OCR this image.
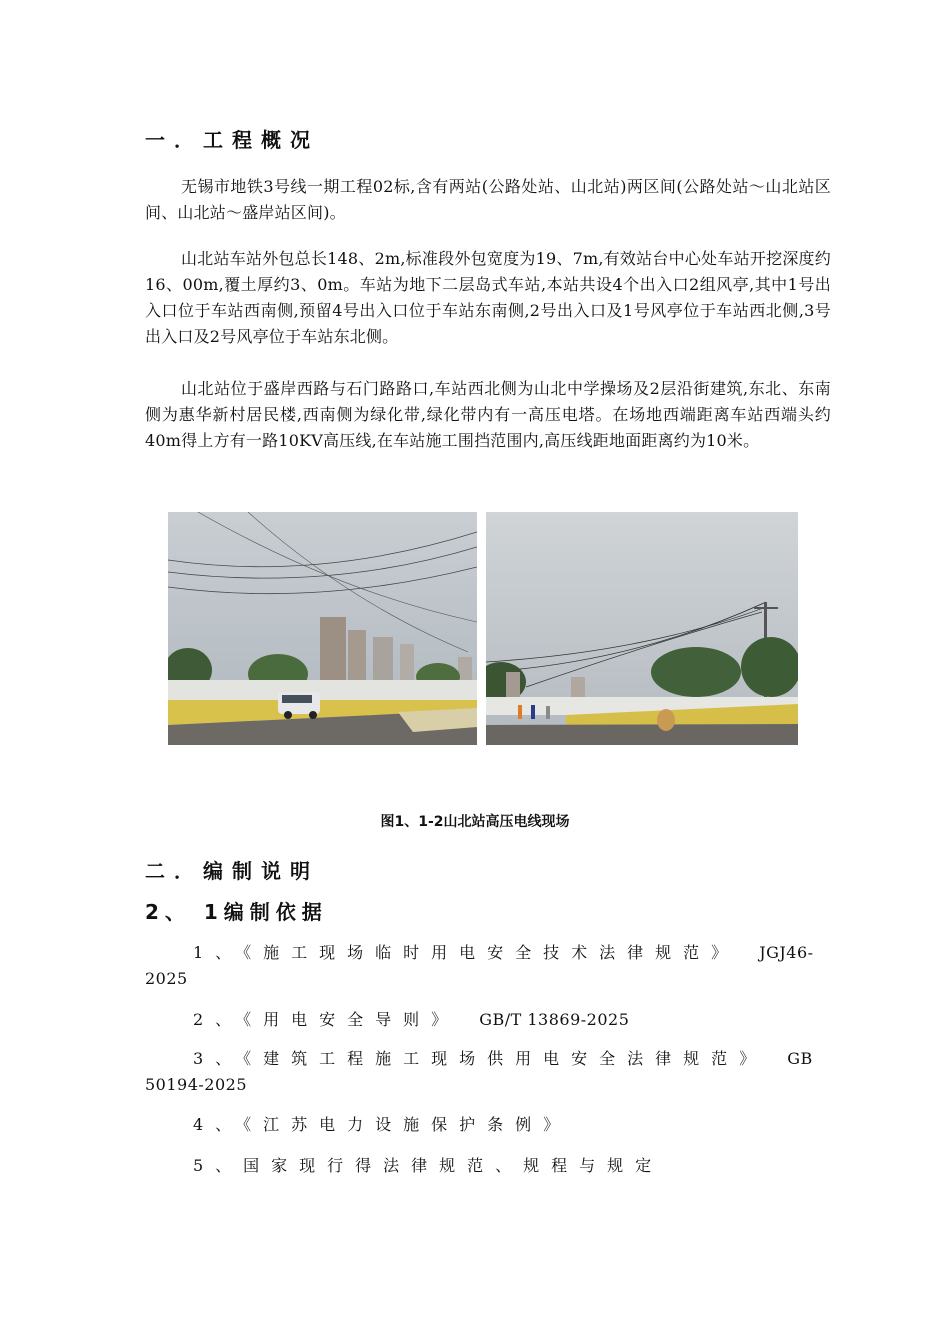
一．工程概况
无锡市地铁3号线一期工程02标,含有两站(公路处站、山北站)两区间(公路处站～山北站区间、山北站～盛岸站区间)。
山北站车站外包总长148、2m,标准段外包宽度为19、7m,有效站台中心处车站开挖深度约16、00m,覆土厚约3、0m。车站为地下二层岛式车站,本站共设4个出入口2组风亭,其中1号出入口位于车站西南侧,预留4号出入口位于车站东南侧,2号出入口及1号风亭位于车站西北侧,3号出入口及2号风亭位于车站东北侧。
山北站位于盛岸西路与石门路路口,车站西北侧为山北中学操场及2层沿街建筑,东北、东南侧为惠华新村居民楼,西南侧为绿化带,绿化带内有一高压电塔。在场地西端距离车站西端头约40m得上方有一路10KV高压线,在车站施工围挡范围内,高压线距地面距离约为10米。
图1、1-2山北站高压电线现场
二．编制说明
2、 1编制依据
1、《施工现场临时用电安全技术法律规范》 JGJ46-2025
2、《用电安全导则》 GB/T 13869-2025
3、《建筑工程施工现场供用电安全法律规范》 GB 50194-2025
4、《江苏电力设施保护条例》
5、国家现行得法律规范、规程与规定
